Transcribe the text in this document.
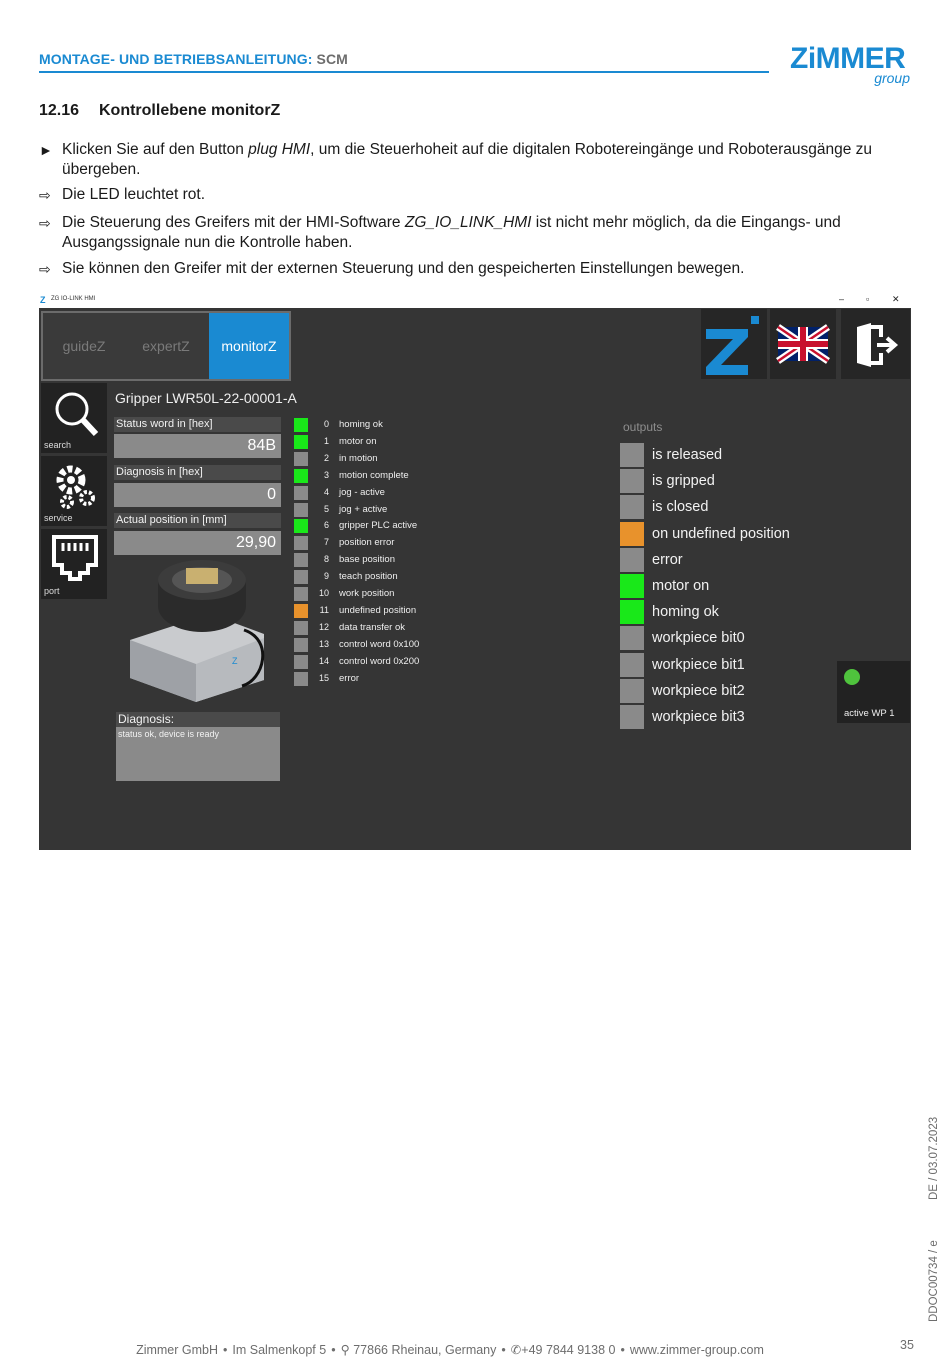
MONTAGE- UND BETRIEBSANLEITUNG: SCM	ZiMMER
group
12.16 Kontrollebene monitorZ
► Klicken Sie auf den Button plug HMI, um die Steuerhoheit auf die digitalen Robotereingänge und Roboterausgänge zu übergeben.
⇨ Die LED leuchtet rot.
⇨ Die Steuerung des Greifers mit der HMI-Software ZG_IO_LINK_HMI ist nicht mehr möglich, da die Eingangs- und Ausgangssignale nun die Kontrolle haben.
⇨ Sie können den Greifer mit der externen Steuerung und den gespeicherten Einstellungen bewegen.
Z ZG IO-LINK HMI	– ▫	✕
guideZ	expertZ	monitorZ
search
service
port
Gripper LWR50L-22-00001-A
Status word in [hex]
84B
Diagnosis in [hex]
0
Actual position in [mm]
29,90
Z
Diagnosis:
status ok, device is ready
0 homing ok
1 motor on
2 in motion
3 motion complete
4 jog - active
5 jog + active
6 gripper PLC active
7 position error
8 base position
9 teach position
10 work position
11 undefined position
12 data transfer ok
13 control word 0x100
14 control word 0x200
15 error
outputs
is released
is gripped
is closed
on undefined position
error
motor on
homing ok
workpiece bit0
workpiece bit1
workpiece bit2
workpiece bit3	active WP 1
Zimmer GmbH • Im Salmenkopf 5 • ⚲ 77866 Rheinau, Germany • ✆+49 7844 9138 0 • www.zimmer-group.com	35
DDOC00734 / e
DE / 03.07.2023
